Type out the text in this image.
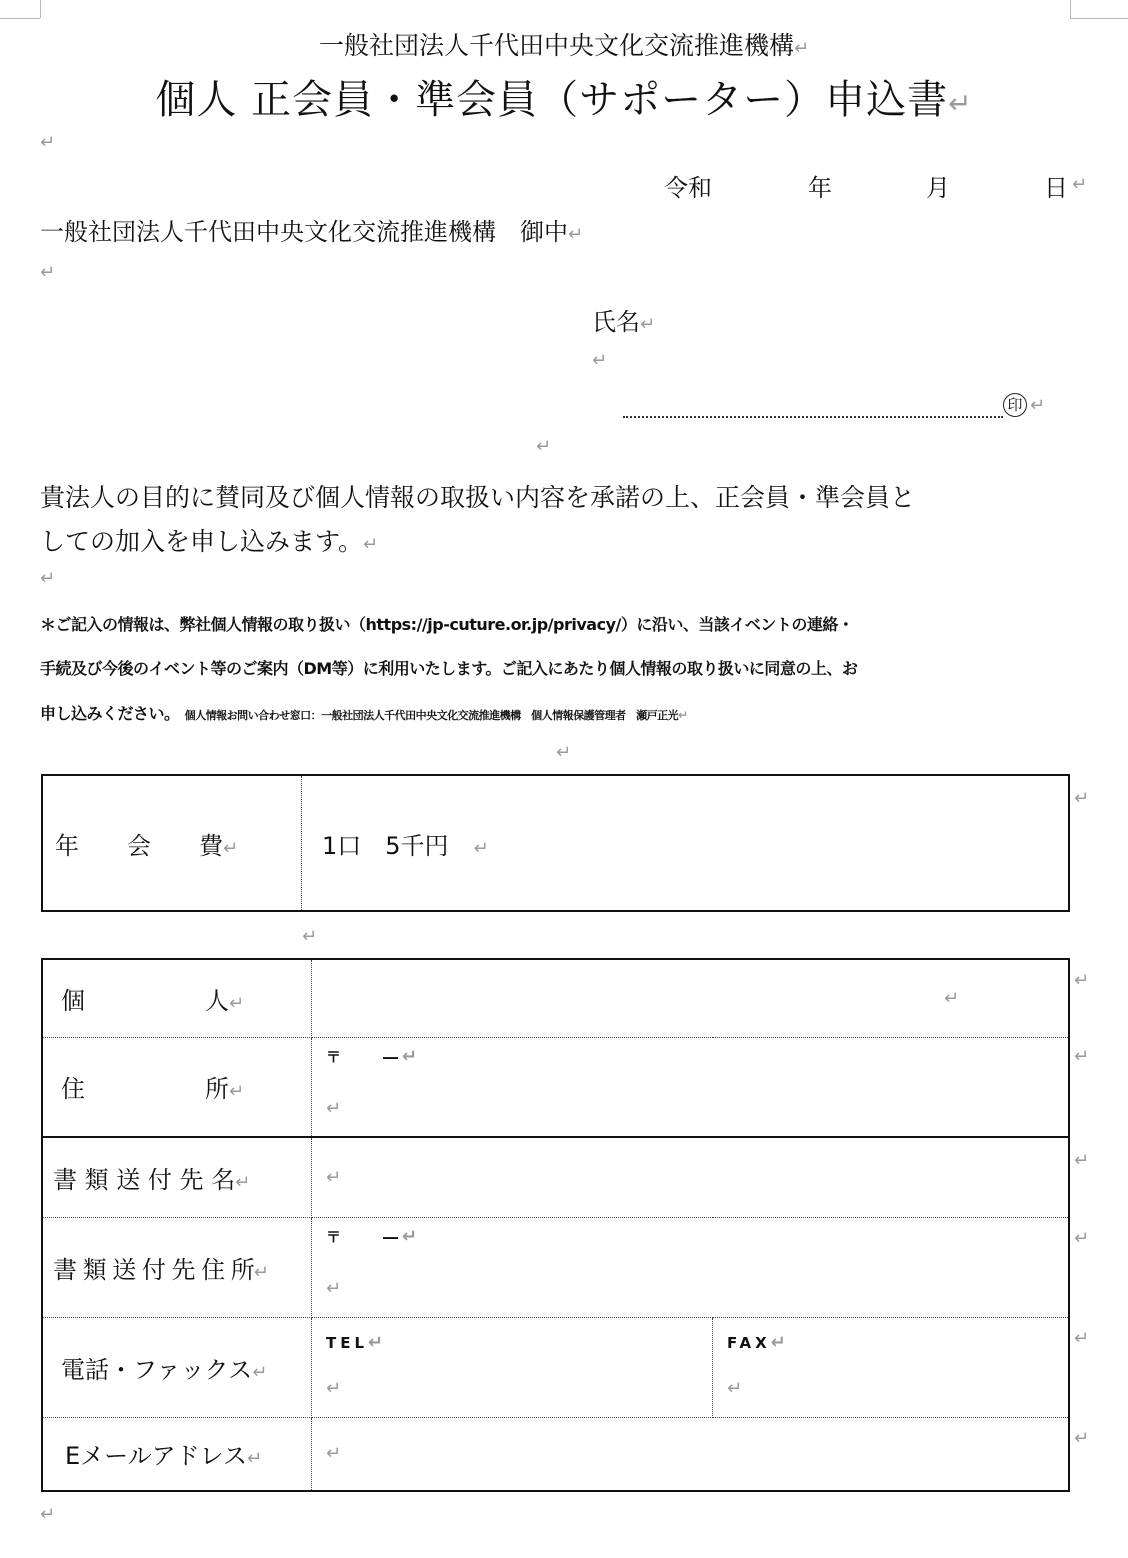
一般社団法人千代田中央文化交流推進機構↵
個人 正会員・準会員（サポーター）申込書↵
↵
令和	年	月	日 ↵
一般社団法人千代田中央文化交流推進機構　御中↵
↵
氏名↵
↵
印 ↵
↵
貴法人の目的に賛同及び個人情報の取扱い内容を承諾の上、正会員・準会員と
しての加入を申し込みます。↵
↵
＊ご記入の情報は、弊社個人情報の取り扱い（https://jp-cuture.or.jp/privacy/）に沿い、当該イベントの連絡・
手続及び今後のイベント等のご案内（DM等）に利用いたします。ご記入にあたり個人情報の取り扱いに同意の上、お
申し込みください。 個人情報お問い合わせ窓口：一般社団法人千代田中央文化交流推進機構　個人情報保護管理者　瀬戸正光↵
↵
年　　会　　費↵	1口　5千円 ↵
↵
↵
個　　　　　人↵	↵	

住　　　　　所↵	〒　　―↵
↵	

書 類 送 付 先 名↵	↵	
書 類 送 付 先 住 所↵	〒　　―↵
↵	

電話・ファックス↵	TEL↵
↵	FAX↵
↵

Eメールアドレス↵	↵	
↵
↵
↵
↵
↵
↵
↵
